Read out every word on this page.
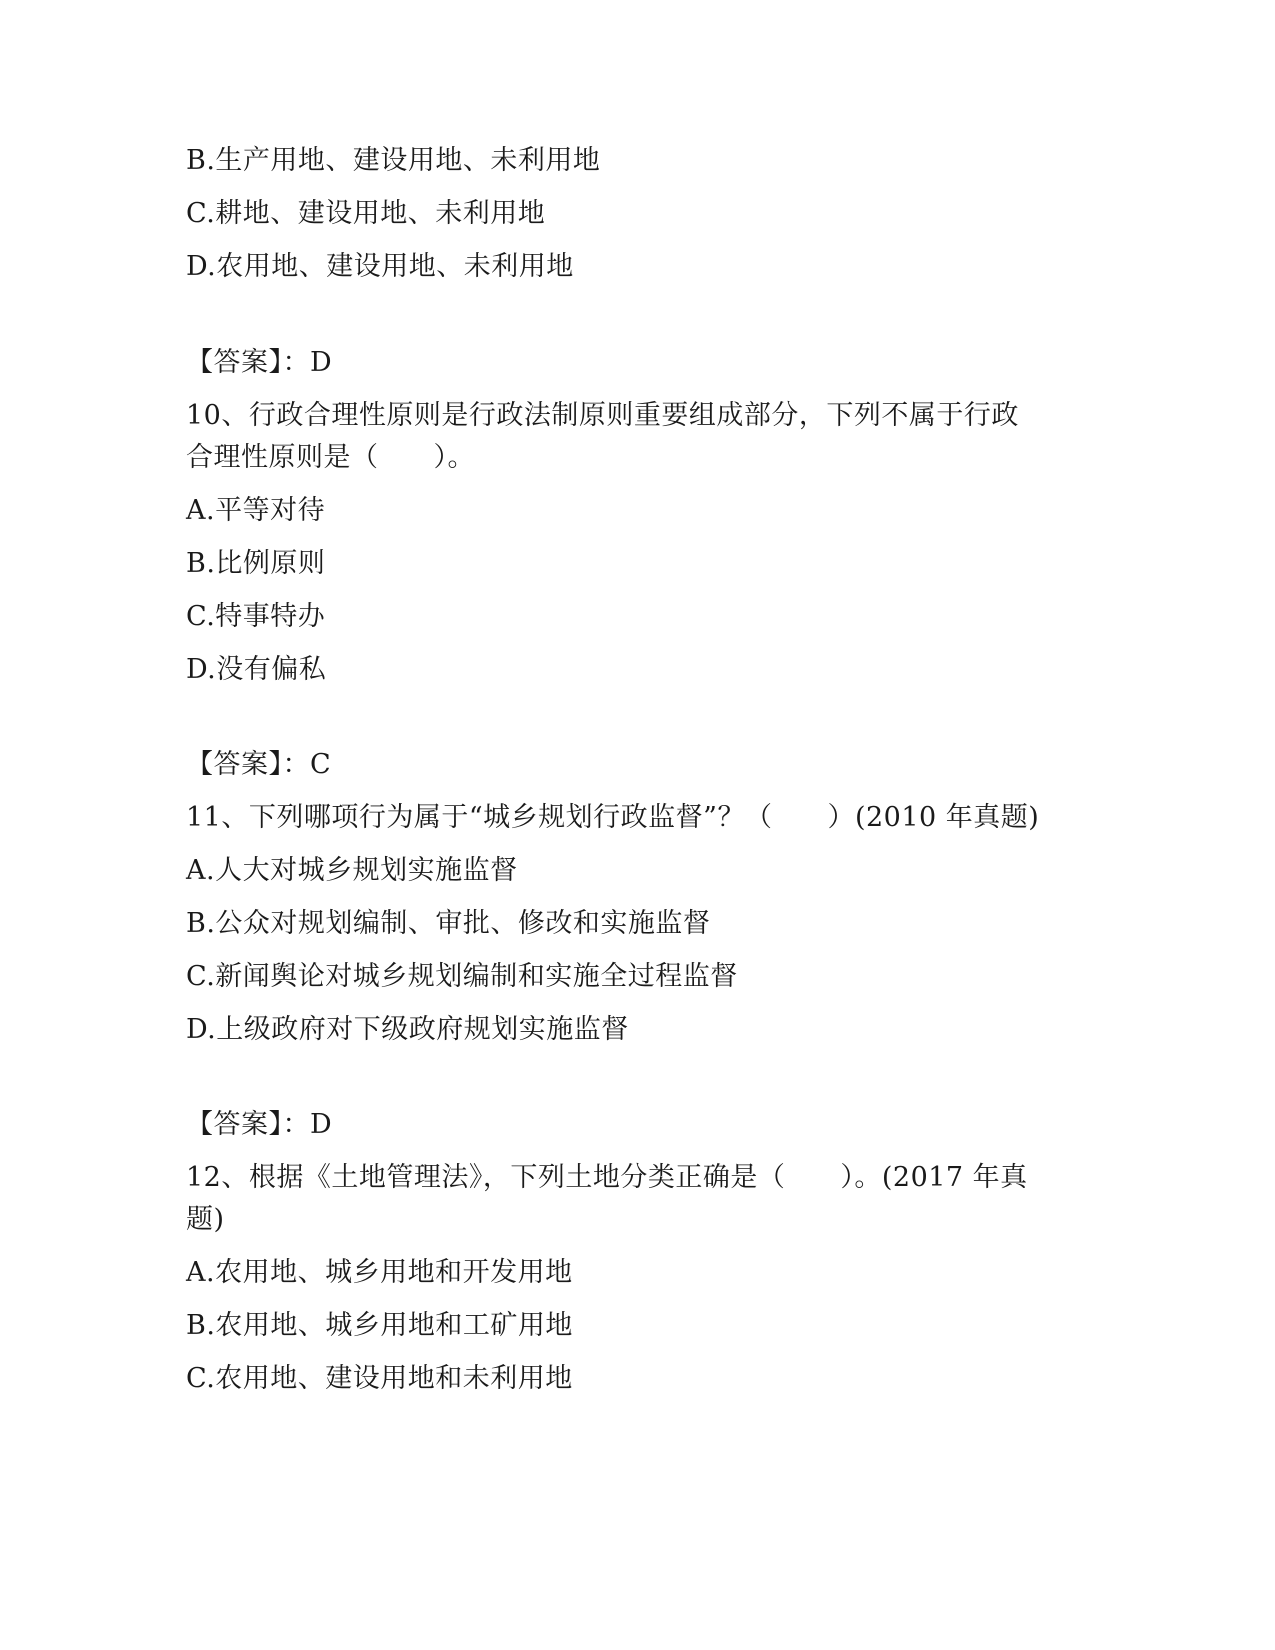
B.生产用地、建设用地、未利用地
C.耕地、建设用地、未利用地
D.农用地、建设用地、未利用地
【答案】：D
10、行政合理性原则是行政法制原则重要组成部分，下列不属于行政
合理性原则是（　　）。
A.平等对待
B.比例原则
C.特事特办
D.没有偏私
【答案】：C
11、下列哪项行为属于“城乡规划行政监督”？（　　）(2010 年真题)
A.人大对城乡规划实施监督
B.公众对规划编制、审批、修改和实施监督
C.新闻舆论对城乡规划编制和实施全过程监督
D.上级政府对下级政府规划实施监督
【答案】：D
12、根据《土地管理法》，下列土地分类正确是（　　）。(2017 年真
题)
A.农用地、城乡用地和开发用地
B.农用地、城乡用地和工矿用地
C.农用地、建设用地和未利用地
